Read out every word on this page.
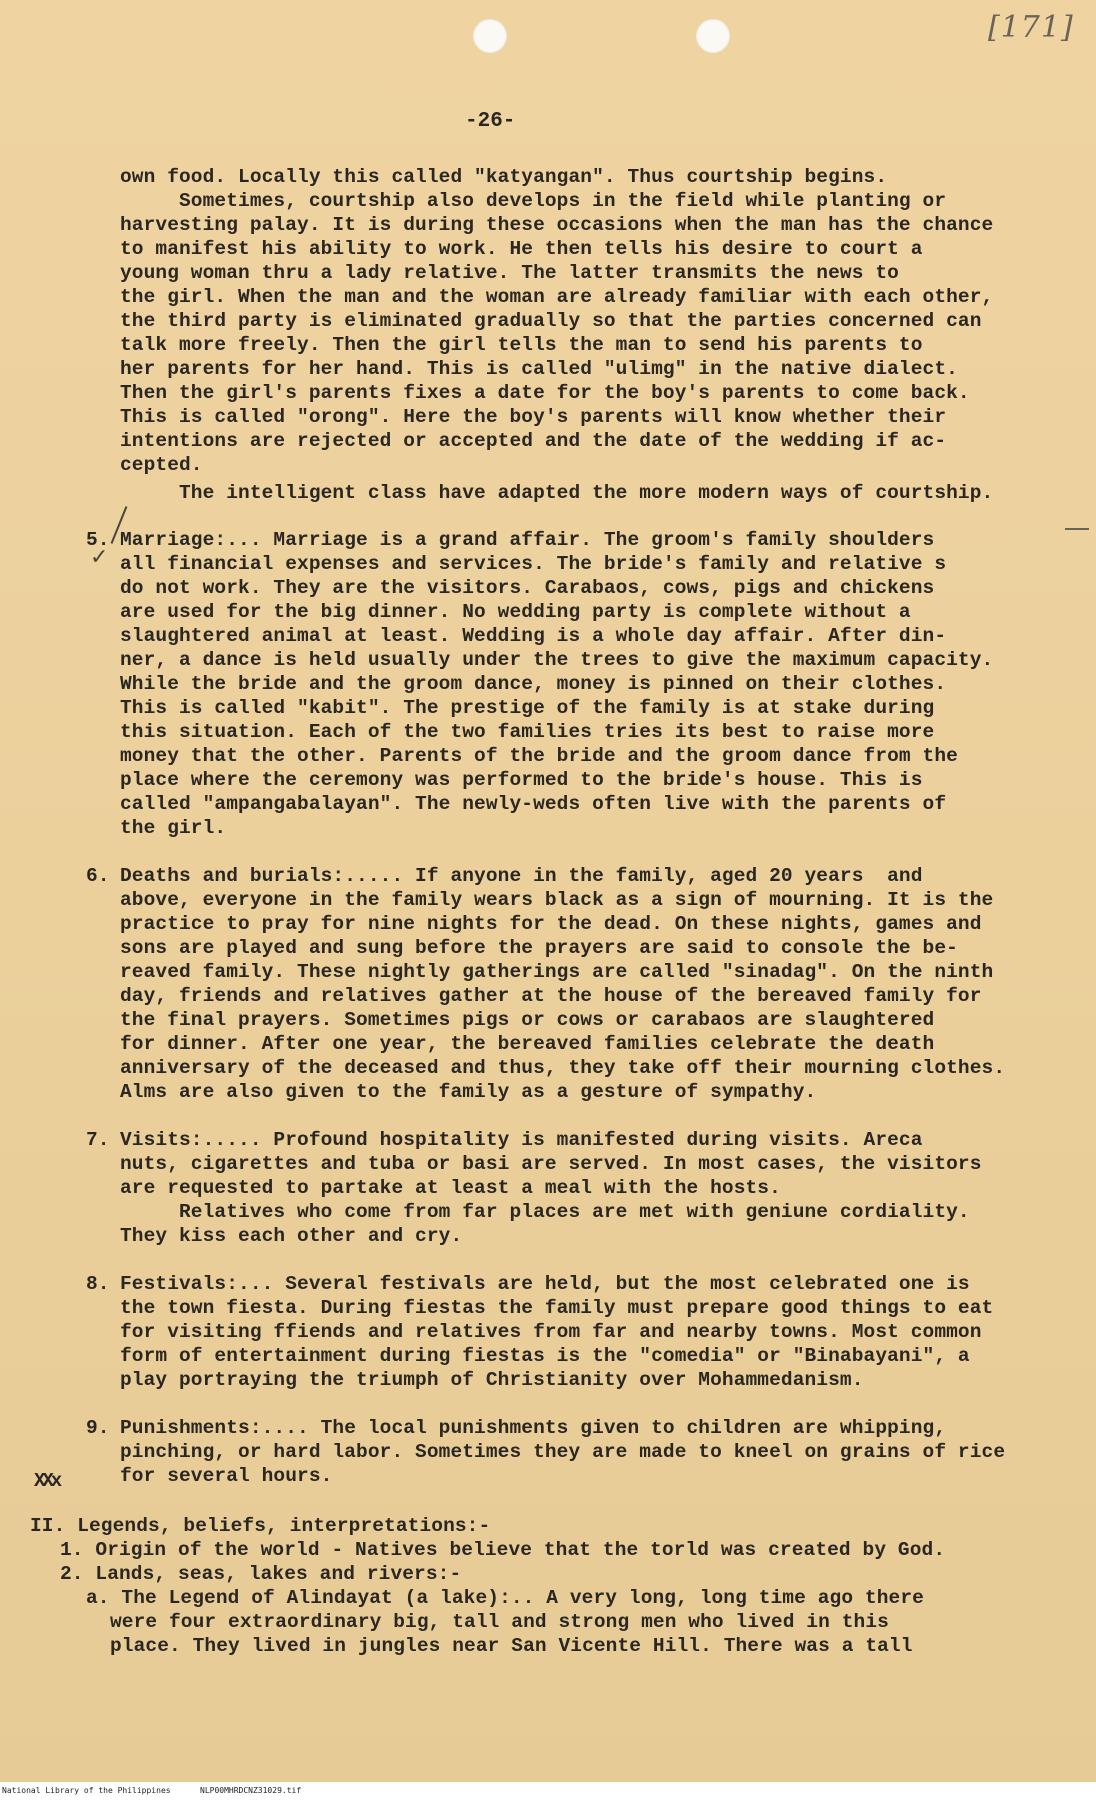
[171]
-26-
✓
XXx
own food. Locally this called "katyangan". Thus courtship begins.
Sometimes, courtship also develops in the field while planting or
harvesting palay. It is during these occasions when the man has the chance
to manifest his ability to work. He then tells his desire to court a
young woman thru a lady relative. The latter transmits the news to
the girl. When the man and the woman are already familiar with each other,
the third party is eliminated gradually so that the parties concerned can
talk more freely. Then the girl tells the man to send his parents to
her parents for her hand. This is called "ulimg" in the native dialect.
Then the girl's parents fixes a date for the boy's parents to come back.
This is called "orong". Here the boy's parents will know whether their
intentions are rejected or accepted and the date of the wedding if ac-
cepted.
The intelligent class have adapted the more modern ways of courtship.
Marriage:... Marriage is a grand affair. The groom's family shoulders
all financial expenses and services. The bride's family and relative s
do not work. They are the visitors. Carabaos, cows, pigs and chickens
are used for the big dinner. No wedding party is complete without a
slaughtered animal at least. Wedding is a whole day affair. After din-
ner, a dance is held usually under the trees to give the maximum capacity.
While the bride and the groom dance, money is pinned on their clothes.
This is called "kabit". The prestige of the family is at stake during
this situation. Each of the two families tries its best to raise more
money that the other. Parents of the bride and the groom dance from the
place where the ceremony was performed to the bride's house. This is
called "ampangabalayan". The newly-weds often live with the parents of
the girl.
Deaths and burials:..... If anyone in the family, aged 20 years  and
above, everyone in the family wears black as a sign of mourning. It is the
practice to pray for nine nights for the dead. On these nights, games and
sons are played and sung before the prayers are said to console the be-
reaved family. These nightly gatherings are called "sinadag". On the ninth
day, friends and relatives gather at the house of the bereaved family for
the final prayers. Sometimes pigs or cows or carabaos are slaughtered
for dinner. After one year, the bereaved families celebrate the death
anniversary of the deceased and thus, they take off their mourning clothes.
Alms are also given to the family as a gesture of sympathy.
Visits:..... Profound hospitality is manifested during visits. Areca
nuts, cigarettes and tuba or basi are served. In most cases, the visitors
are requested to partake at least a meal with the hosts.
Relatives who come from far places are met with geniune cordiality.
They kiss each other and cry.
Festivals:... Several festivals are held, but the most celebrated one is
the town fiesta. During fiestas the family must prepare good things to eat
for visiting ffiends and relatives from far and nearby towns. Most common
form of entertainment during fiestas is the "comedia" or "Binabayani", a
play portraying the triumph of Christianity over Mohammedanism.
Punishments:.... The local punishments given to children are whipping,
pinching, or hard labor. Sometimes they are made to kneel on grains of rice
for several hours.
II. Legends, beliefs, interpretations:-
1. Origin of the world - Natives believe that the torld was created by God.
2. Lands, seas, lakes and rivers:-
a. The Legend of Alindayat (a lake):.. A very long, long time ago there
were four extraordinary big, tall and strong men who lived in this
place. They lived in jungles near San Vicente Hill. There was a tall
5.
6.
7.
8.
9.
National Library of the Philippines	NLP00MHRDCNZ31029.tif
